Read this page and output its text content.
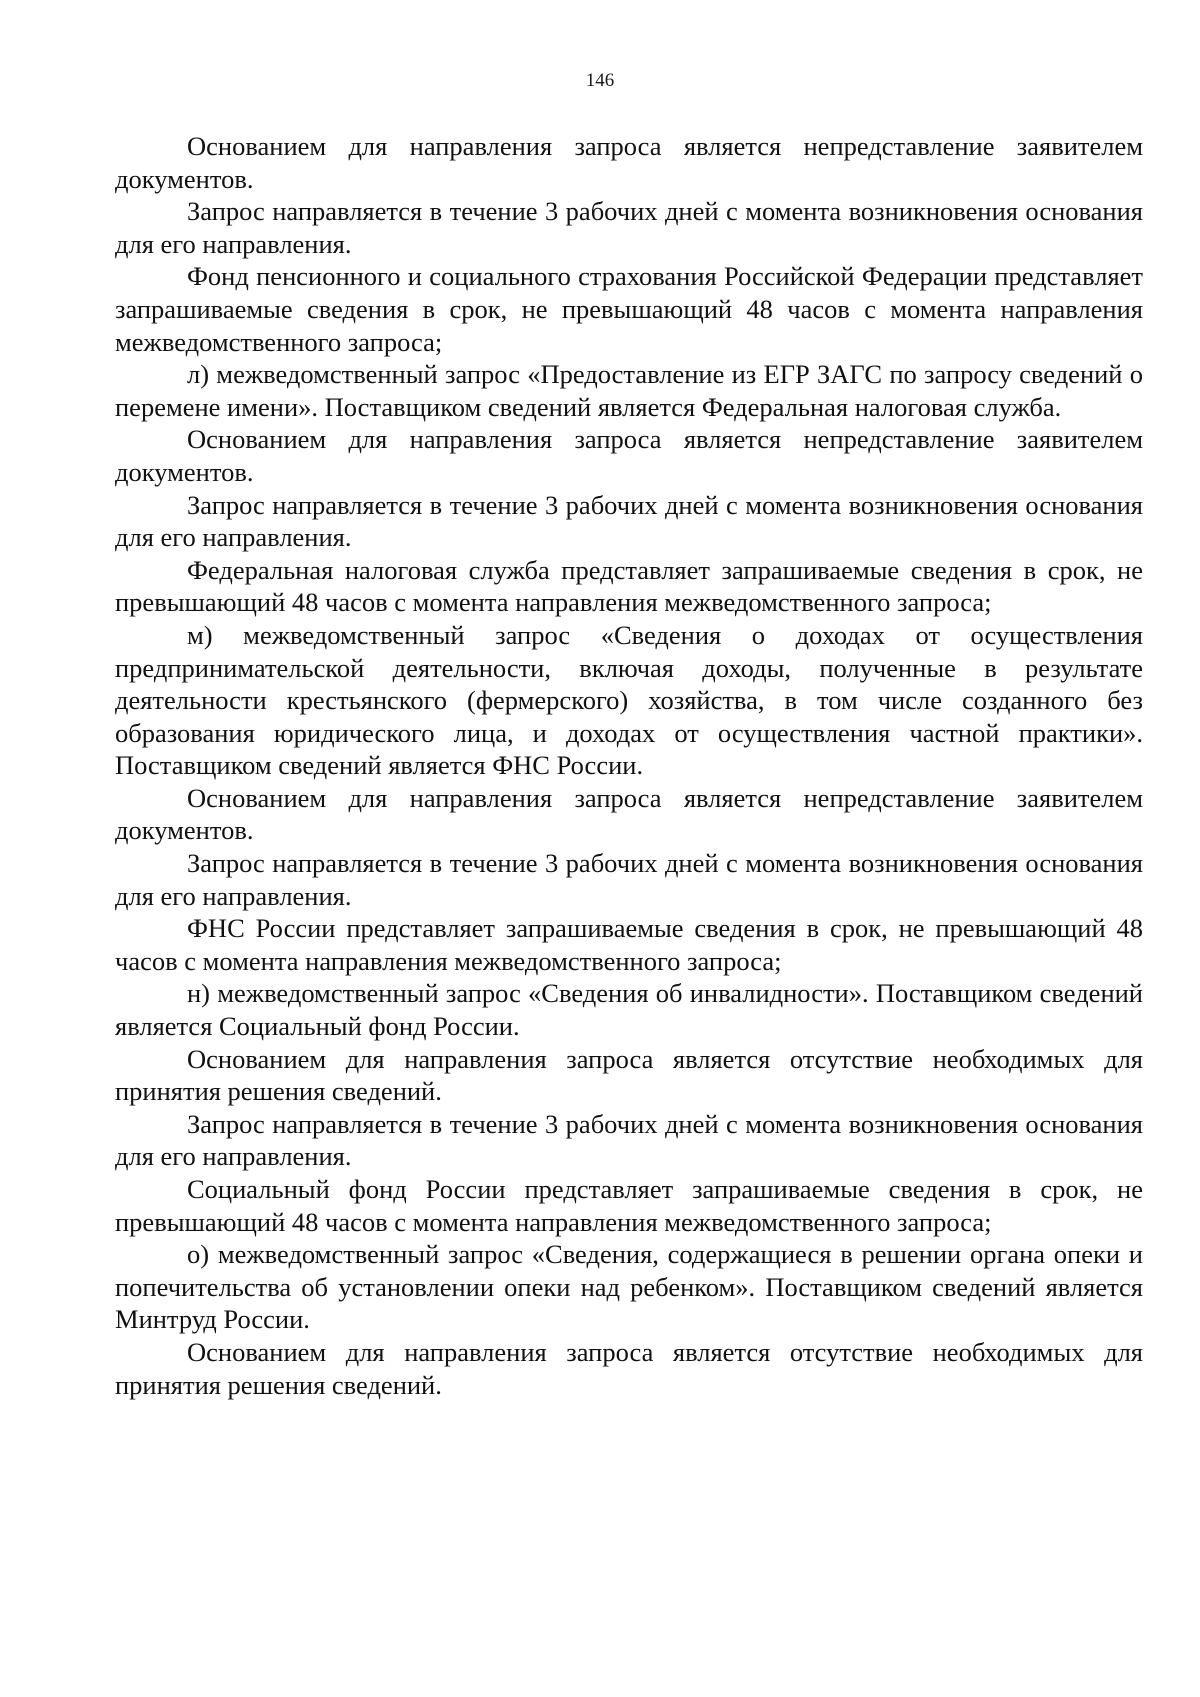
146

Основанием для направления запроса является непредставление заявителем документов.

Запрос направляется в течение 3 рабочих дней с момента возникновения основания для его направления.

Фонд пенсионного и социального страхования Российской Федерации представляет запрашиваемые сведения в срок, не превышающий 48 часов с момента направления межведомственного запроса;

л) межведомственный запрос «Предоставление из ЕГР ЗАГС по запросу сведений о перемене имени». Поставщиком сведений является Федеральная налоговая служба.

Основанием для направления запроса является непредставление заявителем документов.

Запрос направляется в течение 3 рабочих дней с момента возникновения основания для его направления.

Федеральная налоговая служба представляет запрашиваемые сведения в срок, не превышающий 48 часов с момента направления межведомственного запроса;

м) межведомственный запрос «Сведения о доходах от осуществления предпринимательской деятельности, включая доходы, полученные в результате деятельности крестьянского (фермерского) хозяйства, в том числе созданного без образования юридического лица, и доходах от осуществления частной практики». Поставщиком сведений является ФНС России.

Основанием для направления запроса является непредставление заявителем документов.

Запрос направляется в течение 3 рабочих дней с момента возникновения основания для его направления.

ФНС России представляет запрашиваемые сведения в срок, не превышающий 48 часов с момента направления межведомственного запроса;

н) межведомственный запрос «Сведения об инвалидности». Поставщиком сведений является Социальный фонд России.

Основанием для направления запроса является отсутствие необходимых для принятия решения сведений.

Запрос направляется в течение 3 рабочих дней с момента возникновения основания для его направления.

Социальный фонд России представляет запрашиваемые сведения в срок, не превышающий 48 часов с момента направления межведомственного запроса;

о) межведомственный запрос «Сведения, содержащиеся в решении органа опеки и попечительства об установлении опеки над ребенком». Поставщиком сведений является Минтруд России.

Основанием для направления запроса является отсутствие необходимых для принятия решения сведений.
